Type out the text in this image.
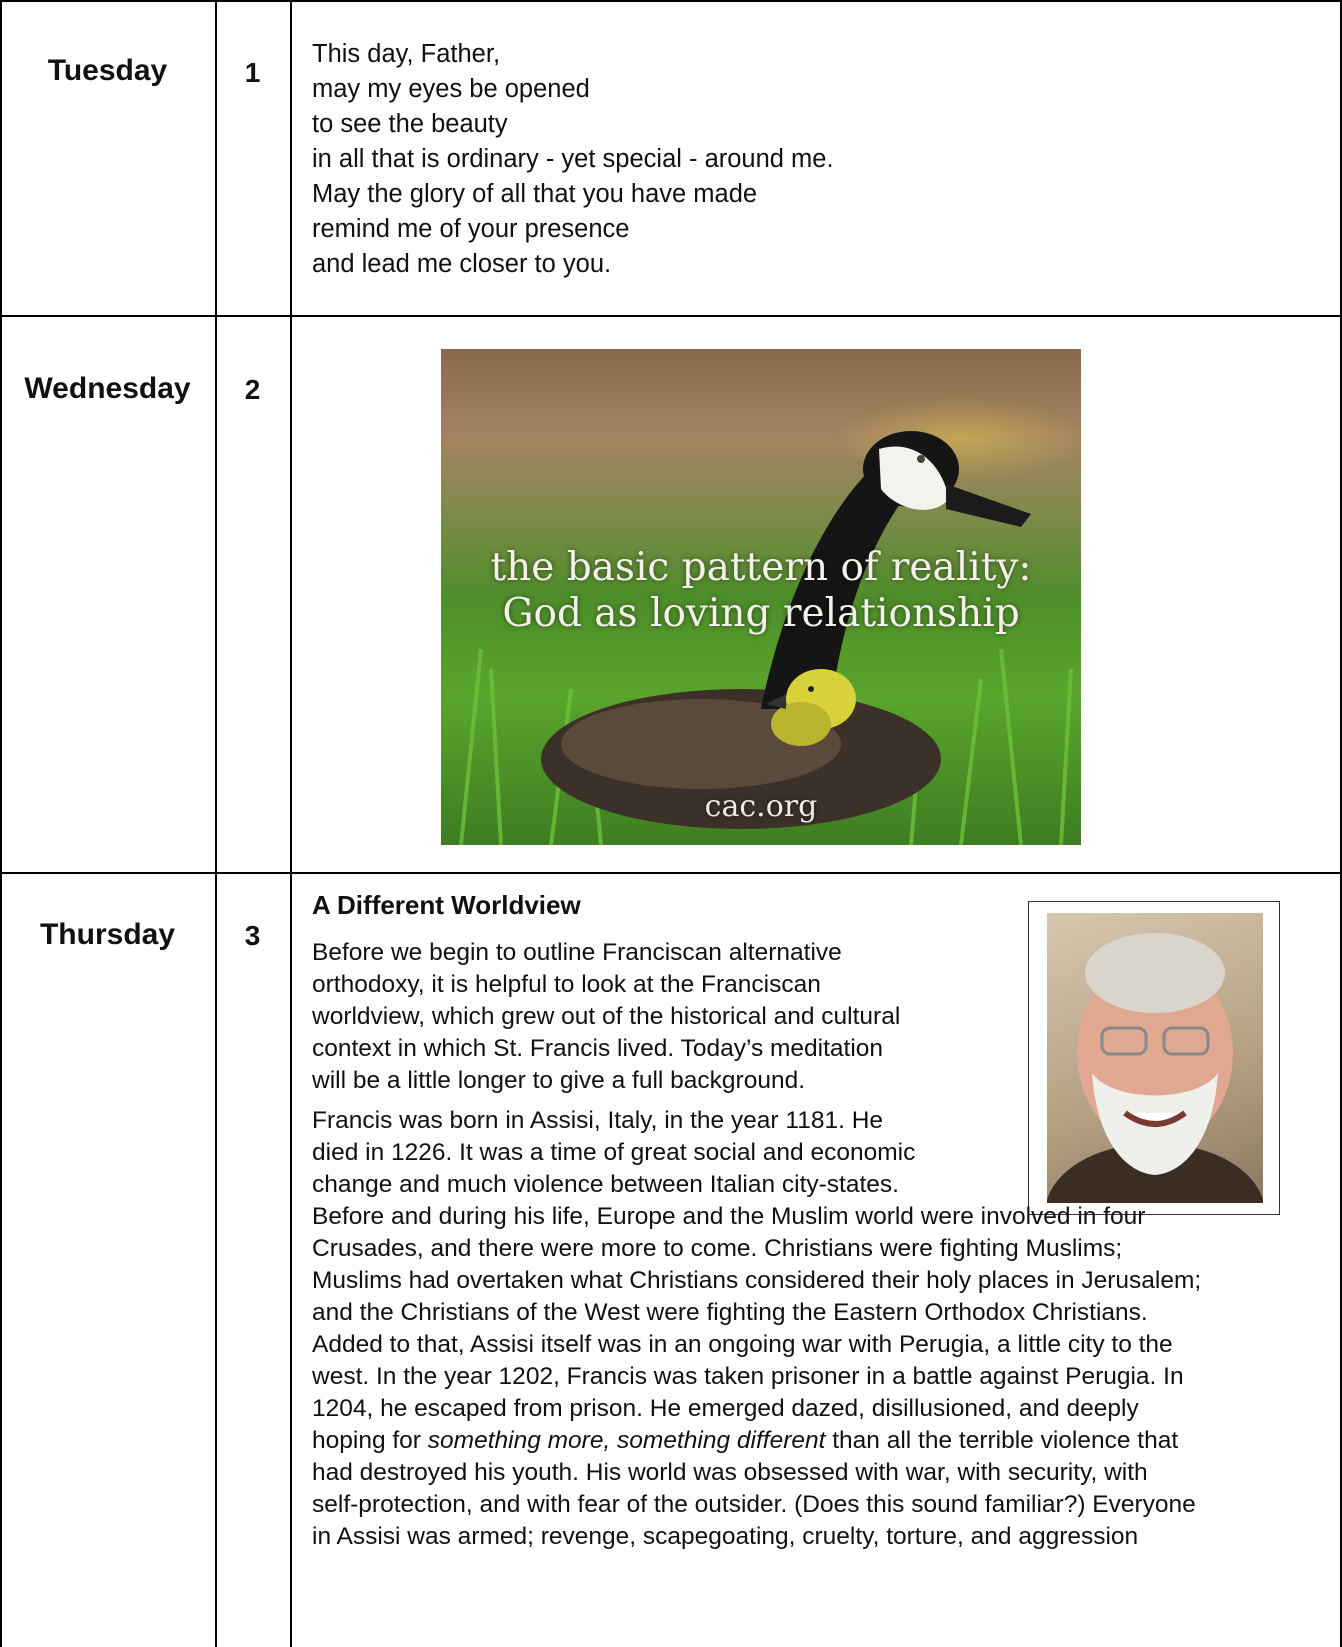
Tuesday	1
This day, Father,
may my eyes be opened
to see the beauty
in all that is ordinary - yet special - around me.
May the glory of all that you have made
remind me of your presence
and lead me closer to you.
Wednesday	2
the basic pattern of reality:
God as loving relationship
cac.org
Thursday	3
A Different Worldview
Before we begin to outline Franciscan alternative
orthodoxy, it is helpful to look at the Franciscan
worldview, which grew out of the historical and cultural
context in which St. Francis lived. Today’s meditation
will be a little longer to give a full background.
Francis was born in Assisi, Italy, in the year 1181. He
died in 1226. It was a time of great social and economic
change and much violence between Italian city-states.
Before and during his life, Europe and the Muslim world were involved in four
Crusades, and there were more to come. Christians were fighting Muslims;
Muslims had overtaken what Christians considered their holy places in Jerusalem;
and the Christians of the West were fighting the Eastern Orthodox Christians.
Added to that, Assisi itself was in an ongoing war with Perugia, a little city to the
west. In the year 1202, Francis was taken prisoner in a battle against Perugia. In
1204, he escaped from prison. He emerged dazed, disillusioned, and deeply
hoping for something more, something different than all the terrible violence that
had destroyed his youth. His world was obsessed with war, with security, with
self-protection, and with fear of the outsider. (Does this sound familiar?) Everyone
in Assisi was armed; revenge, scapegoating, cruelty, torture, and aggression
